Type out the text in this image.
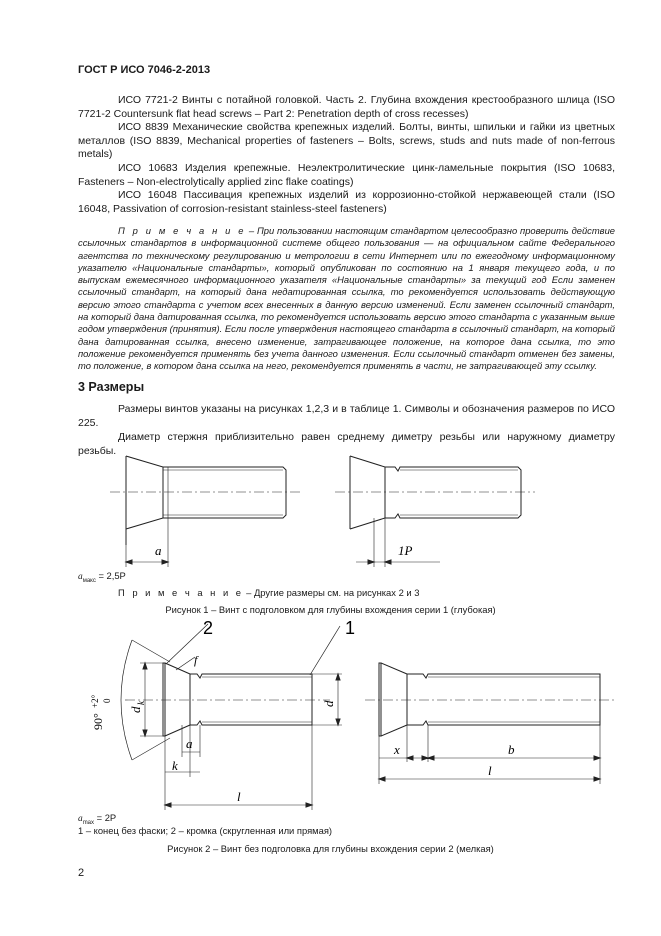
ГОСТ Р ИСО 7046-2-2013
ИСО 7721-2 Винты с потайной головкой. Часть 2. Глубина вхождения крестообразного шлица (ISO 7721-2 Countersunk flat head screws – Part 2: Penetration depth of cross recesses)
ИСО 8839 Механические свойства крепежных изделий. Болты, винты, шпильки и гайки из цветных металлов (ISO 8839, Mechanical properties of fasteners – Bolts, screws, studs and nuts made of non-ferrous metals)
ИСО 10683 Изделия крепежные. Неэлектролитические цинк-ламельные покрытия (ISO 10683, Fasteners – Non-electrolytically applied zinc flake coatings)
ИСО 16048 Пассивация крепежных изделий из коррозионно-стойкой нержавеющей стали (ISO 16048, Passivation of corrosion-resistant stainless-steel fasteners)
П р и м е ч а н и е – При пользовании настоящим стандартом целесообразно проверить действие ссылочных стандартов в информационной системе общего пользования — на официальном сайте Федерального агентства по техническому регулированию и метрологии в сети Интернет или по ежегодному информационному указателю «Национальные стандарты», который опубликован по состоянию на 1 января текущего года, и по выпускам ежемесячного информационного указателя «Национальные стандарты» за текущий год Если заменен ссылочный стандарт, на который дана недатированная ссылка, то рекомендуется использовать действующую версию этого стандарта с учетом всех внесенных в данную версию изменений. Если заменен ссылочный стандарт, на который дана датированная ссылка, то рекомендуется использовать версию этого стандарта с указанным выше годом утверждения (принятия). Если после утверждения настоящего стандарта в ссылочный стандарт, на который дана датированная ссылка, внесено изменение, затрагивающее положение, на которое дана ссылка, то это положение рекомендуется применять без учета данного изменения. Если ссылочный стандарт отменен без замены, то положение, в котором дана ссылка на него, рекомендуется применять в части, не затрагивающей эту ссылку.
3 Размеры
Размеры винтов указаны на рисунках 1,2,3 и в таблице 1. Символы и обозначения размеров по ИСО 225.
Диаметр стержня приблизительно равен среднему диметру резьбы или наружному диаметру резьбы.
a	1P
$a_{макс} = 2,5P$
П р и м е ч а н и е – Другие размеры см. на рисунках 2 и 3
Рисунок 1 – Винт с подголовком для глубины вхождения серии 1 (глубокая)
2	1
f
90°
+2° 0
d
k	d
a
k
l
x	b
l
$a_{max} = 2P$
1 – конец без фаски; 2 – кромка (скругленная или прямая)
Рисунок 2 – Винт без подголовка для глубины вхождения серии 2 (мелкая)
2
